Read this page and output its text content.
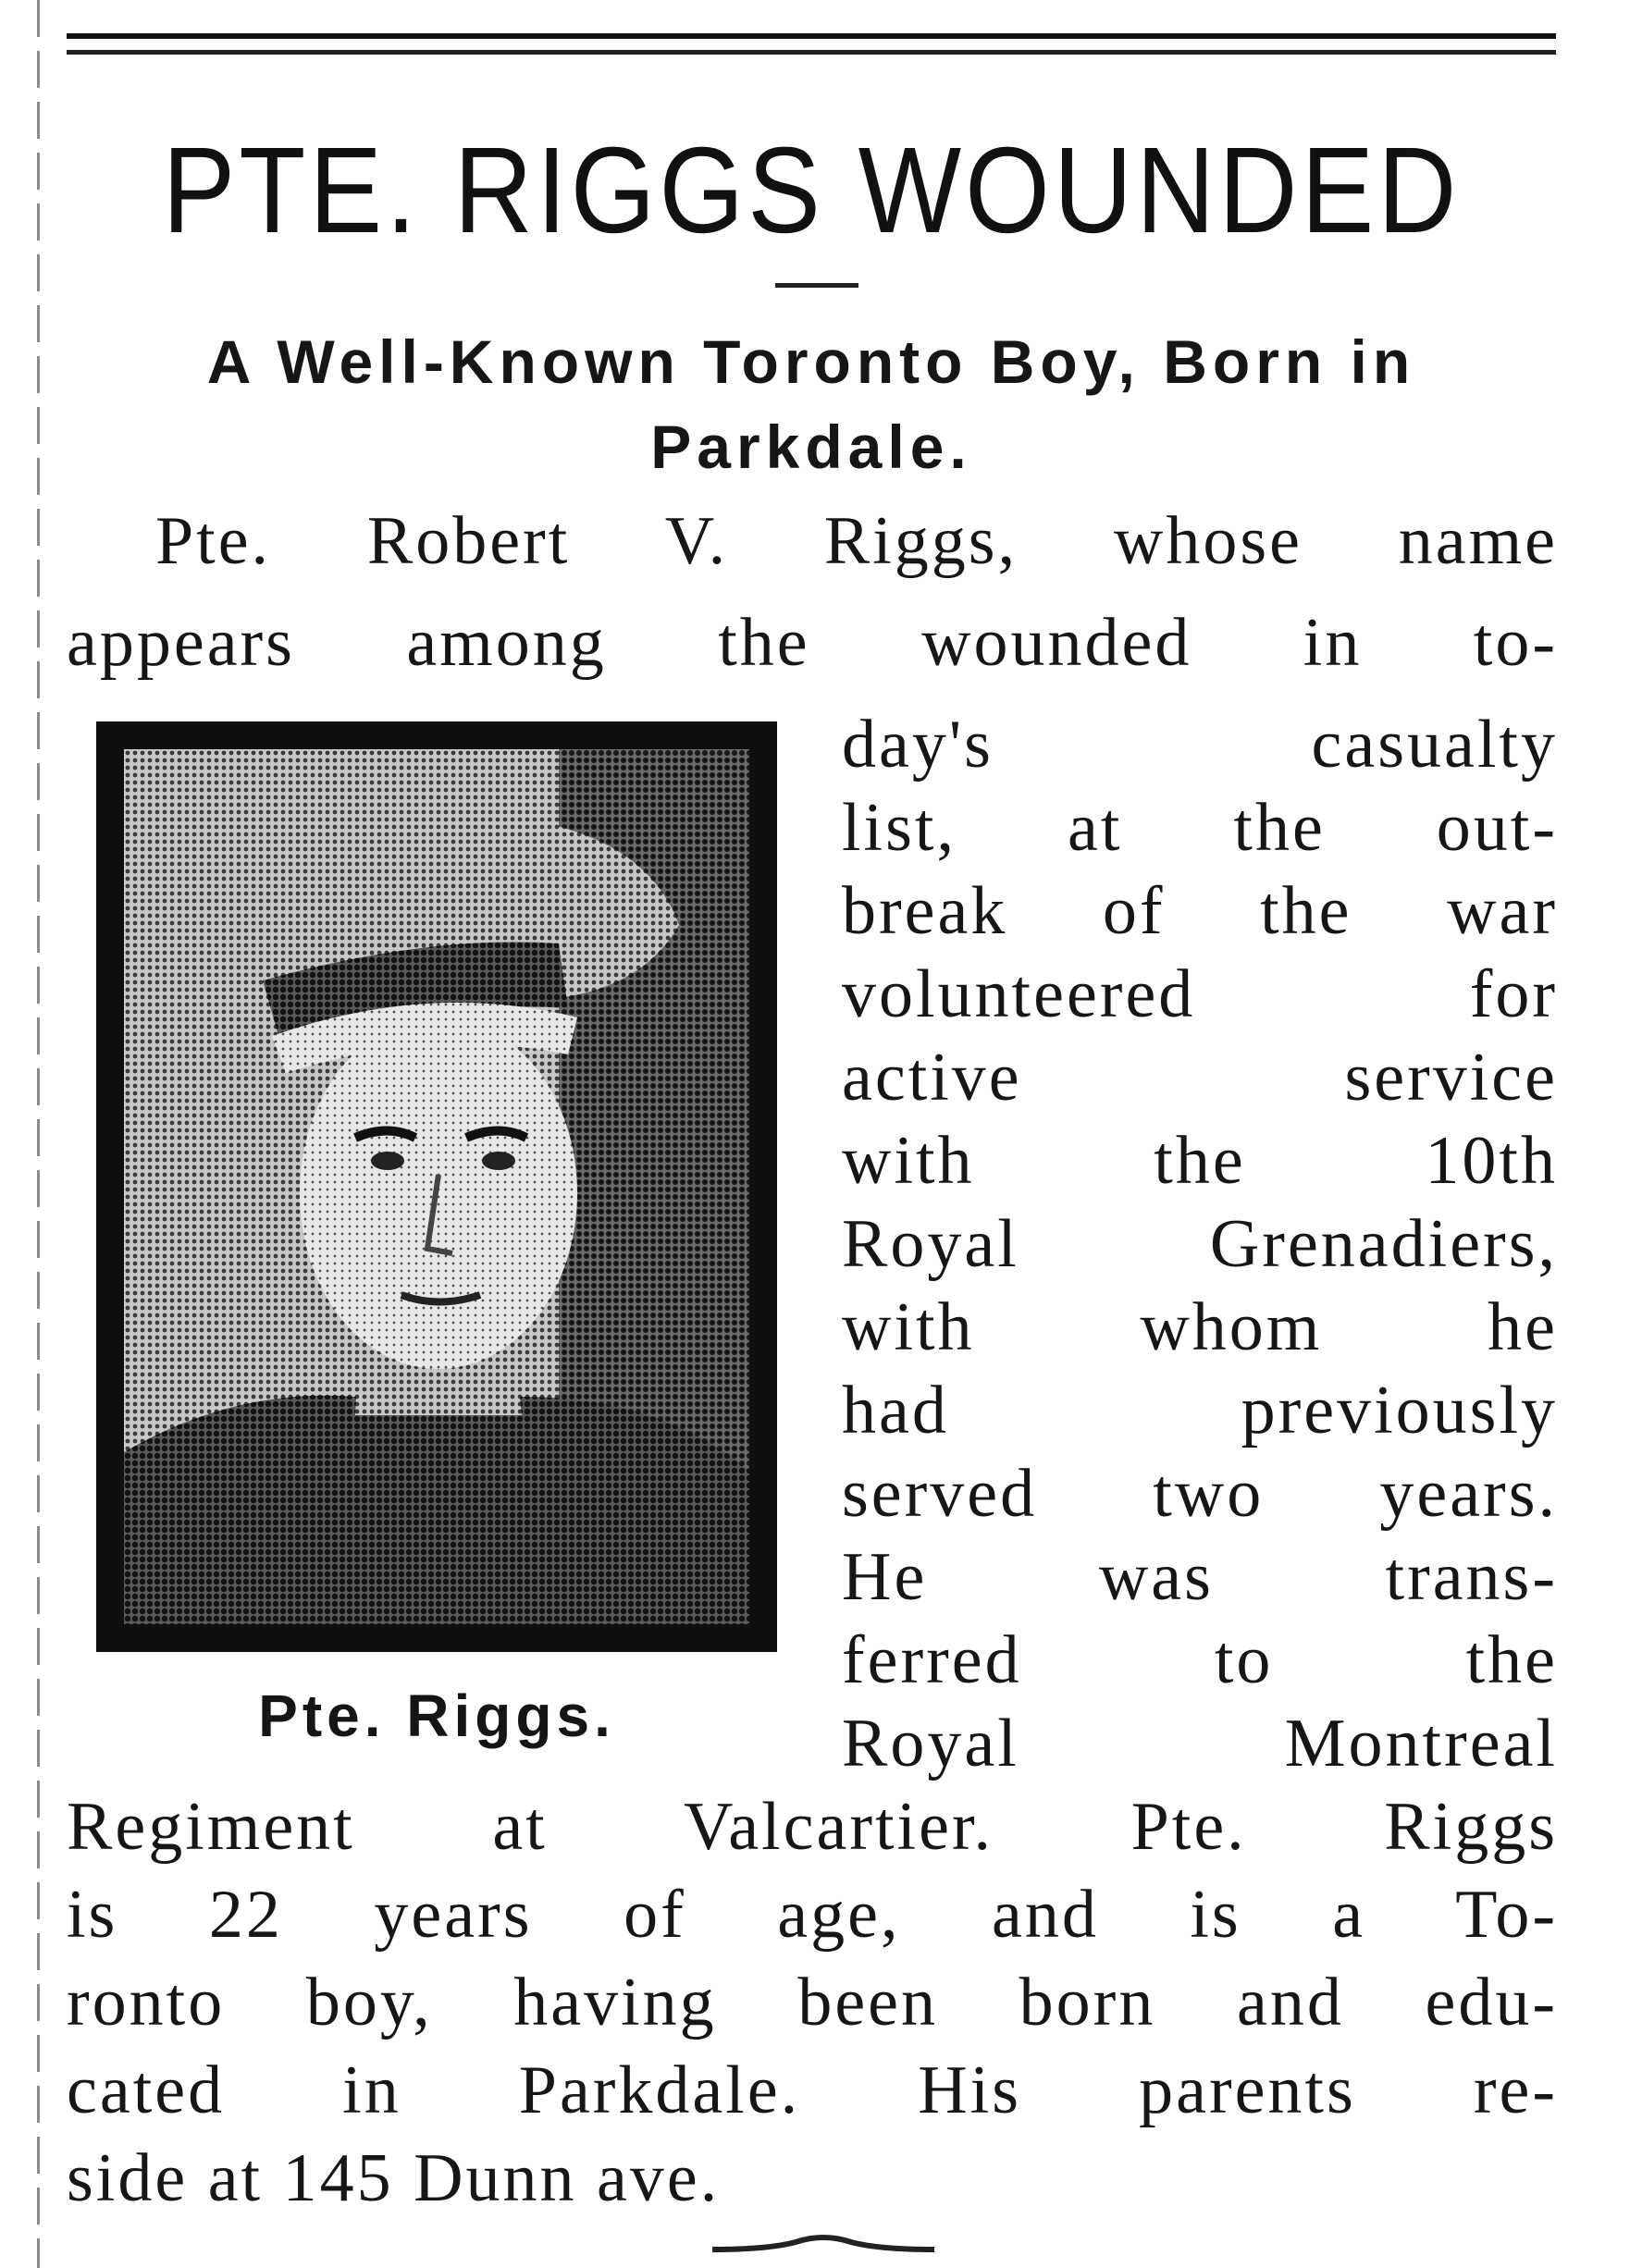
PTE. RIGGS WOUNDED
A Well-Known Toronto Boy, Born in
Parkdale.
Pte. Robert V. Riggs, whose name
appears among the wounded in to-
Pte. Riggs.
day's casualty
list, at the out-
break of the war
volunteered for
active service
with the 10th
Royal Grenadiers,
with whom he
had previously
served two years.
He was trans-
ferred to the
Royal Montreal
Regiment at Valcartier. Pte. Riggs
is 22 years of age, and is a To-
ronto boy, having been born and edu-
cated in Parkdale. His parents re-
side at 145 Dunn ave.
